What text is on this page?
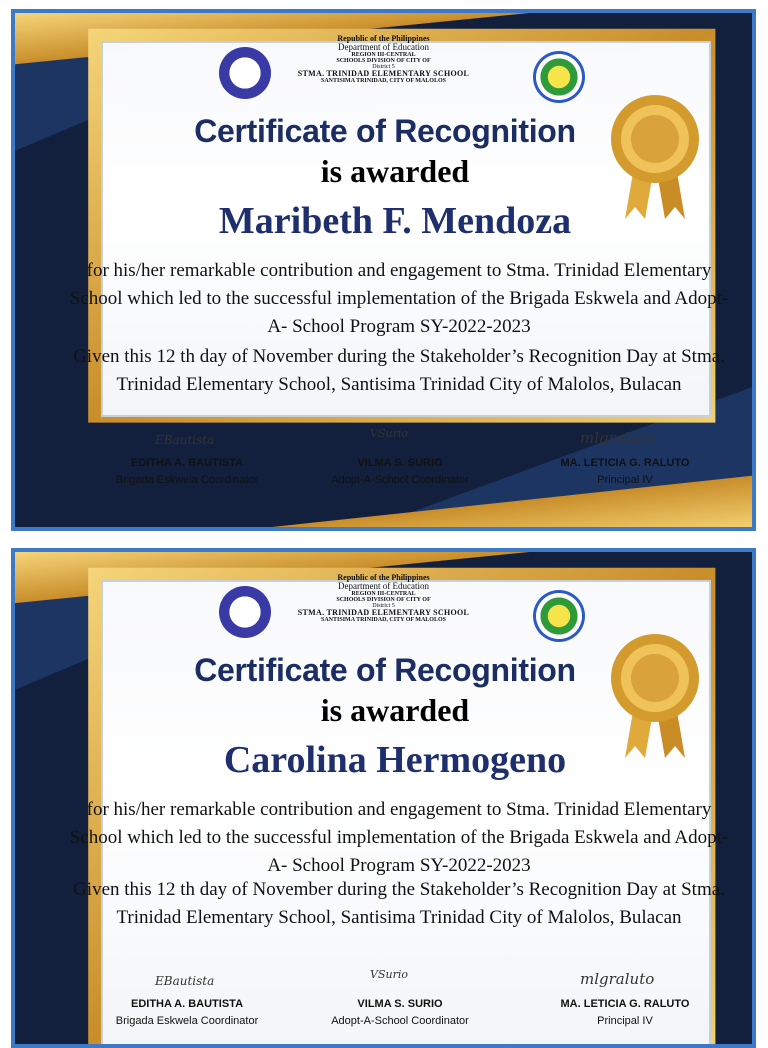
Republic of the Philippines
Department of Education
REGION III-CENTRAL
SCHOOLS DIVISION OF CITY OF
District 5
STMA. TRINIDAD ELEMENTARY SCHOOL
SANTISIMA TRINIDAD, CITY OF MALOLOS
Certificate of Recognition
is awarded
Maribeth F. Mendoza
for his/her remarkable contribution and engagement to Stma. Trinidad Elementary School which led to the successful implementation of the Brigada Eskwela and Adopt-A- School Program SY-2022-2023
Given this 12 th day of November during the Stakeholder’s Recognition Day at Stma. Trinidad Elementary School, Santisima Trinidad City of Malolos, Bulacan
EBautista	VSurio	mlgraluto
EDITHA A. BAUTISTA
Brigada Eskwela Coordinator
VILMA S. SURIO
Adopt-A-School Coordinator
MA. LETICIA G. RALUTO
Principal IV
Republic of the Philippines
Department of Education
REGION III-CENTRAL
SCHOOLS DIVISION OF CITY OF
District 5
STMA. TRINIDAD ELEMENTARY SCHOOL
SANTISIMA TRINIDAD, CITY OF MALOLOS
Certificate of Recognition
is awarded
Carolina Hermogeno
for his/her remarkable contribution and engagement to Stma. Trinidad Elementary School which led to the successful implementation of the Brigada Eskwela and Adopt-A- School Program SY-2022-2023
Given this 12 th day of November during the Stakeholder’s Recognition Day at Stma. Trinidad Elementary School, Santisima Trinidad City of Malolos, Bulacan
EBautista	VSurio	mlgraluto
EDITHA A. BAUTISTA
Brigada Eskwela Coordinator
VILMA S. SURIO
Adopt-A-School Coordinator
MA. LETICIA G. RALUTO
Principal IV
